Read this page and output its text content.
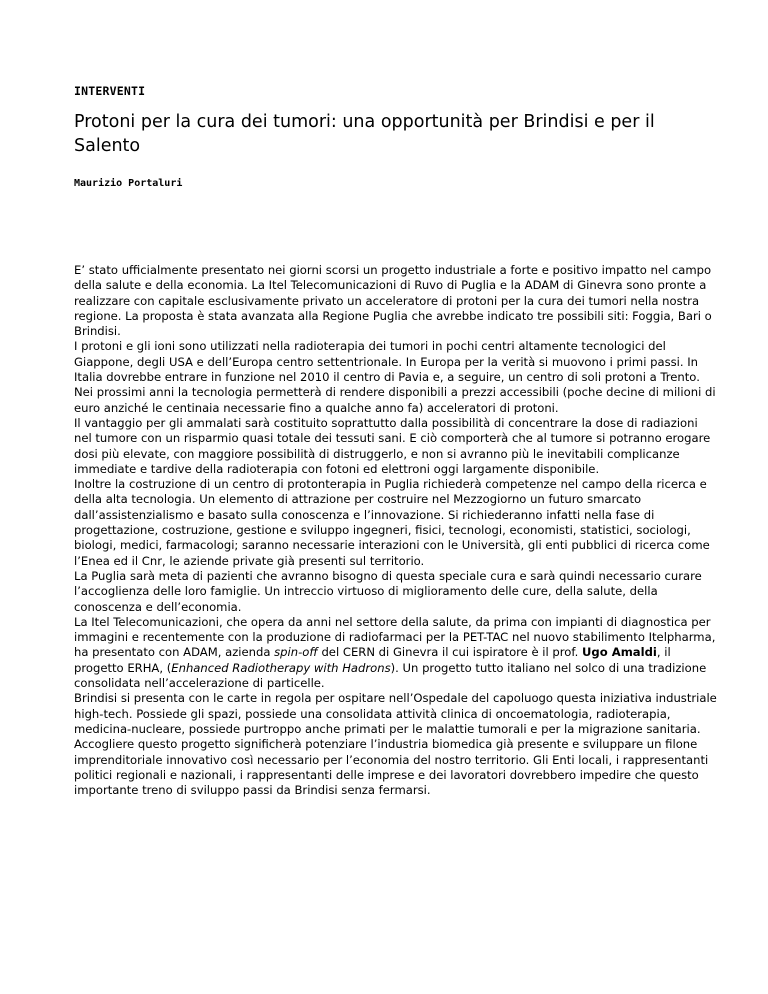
INTERVENTI
Protoni per la cura dei tumori: una opportunità per Brindisi e per il Salento
Maurizio Portaluri

E’ stato ufficialmente presentato nei giorni scorsi un progetto industriale a forte e positivo impatto nel campo della salute e della economia. La Itel Telecomunicazioni di Ruvo di Puglia e la ADAM di Ginevra sono pronte a realizzare con capitale esclusivamente privato un acceleratore di protoni per la cura dei tumori nella nostra regione. La proposta è stata avanzata alla Regione Puglia che avrebbe indicato tre possibili siti: Foggia, Bari o Brindisi.

I protoni e gli ioni sono utilizzati nella radioterapia dei tumori in pochi centri altamente tecnologici del Giappone, degli USA e dell’Europa centro settentrionale. In Europa per la verità si muovono i primi passi. In Italia dovrebbe entrare in funzione nel 2010 il centro di Pavia e, a seguire, un centro di soli protoni a Trento. Nei prossimi anni la tecnologia permetterà di rendere disponibili a prezzi accessibili (poche decine di milioni di euro anziché le centinaia necessarie fino a qualche anno fa) acceleratori di protoni.

Il vantaggio per gli ammalati sarà costituito soprattutto dalla possibilità di concentrare la dose di radiazioni nel tumore con un risparmio quasi totale dei tessuti sani. E ciò comporterà che al tumore si potranno erogare dosi più elevate, con maggiore possibilità di distruggerlo, e non si avranno più le inevitabili complicanze immediate e tardive della radioterapia con fotoni ed elettroni oggi largamente disponibile.

Inoltre la costruzione di un centro di protonterapia in Puglia richiederà competenze nel campo della ricerca e della alta tecnologia. Un elemento di attrazione per costruire nel Mezzogiorno un futuro smarcato dall’assistenzialismo e basato sulla conoscenza e l’innovazione. Si richiederanno infatti nella fase di progettazione, costruzione, gestione e sviluppo ingegneri, fisici, tecnologi, economisti, statistici, sociologi, biologi, medici, farmacologi; saranno necessarie interazioni con le Università, gli enti pubblici di ricerca come l’Enea ed il Cnr, le aziende private già presenti sul territorio.

La Puglia sarà meta di pazienti che avranno bisogno di questa speciale cura e sarà quindi necessario curare l’accoglienza delle loro famiglie. Un intreccio virtuoso di miglioramento delle cure, della salute, della conoscenza e dell’economia.

La Itel Telecomunicazioni, che opera da anni nel settore della salute, da prima con impianti di diagnostica per immagini e recentemente con la produzione di radiofarmaci per la PET-TAC nel nuovo stabilimento Itelpharma, ha presentato con ADAM, azienda spin-off del CERN di Ginevra il cui ispiratore è il prof. Ugo Amaldi, il progetto ERHA, (Enhanced Radiotherapy with Hadrons). Un progetto tutto italiano nel solco di una tradizione consolidata nell’accelerazione di particelle.

Brindisi si presenta con le carte in regola per ospitare nell’Ospedale del capoluogo questa iniziativa industriale high-tech. Possiede gli spazi, possiede una consolidata attività clinica di oncoematologia, radioterapia, medicina-nucleare, possiede purtroppo anche primati per le malattie tumorali e per la migrazione sanitaria. Accogliere questo progetto significherà potenziare l’industria biomedica già presente e sviluppare un filone imprenditoriale innovativo così necessario per l’economia del nostro territorio. Gli Enti locali, i rappresentanti politici regionali e nazionali, i rappresentanti delle imprese e dei lavoratori dovrebbero impedire che questo importante treno di sviluppo passi da Brindisi senza fermarsi.
